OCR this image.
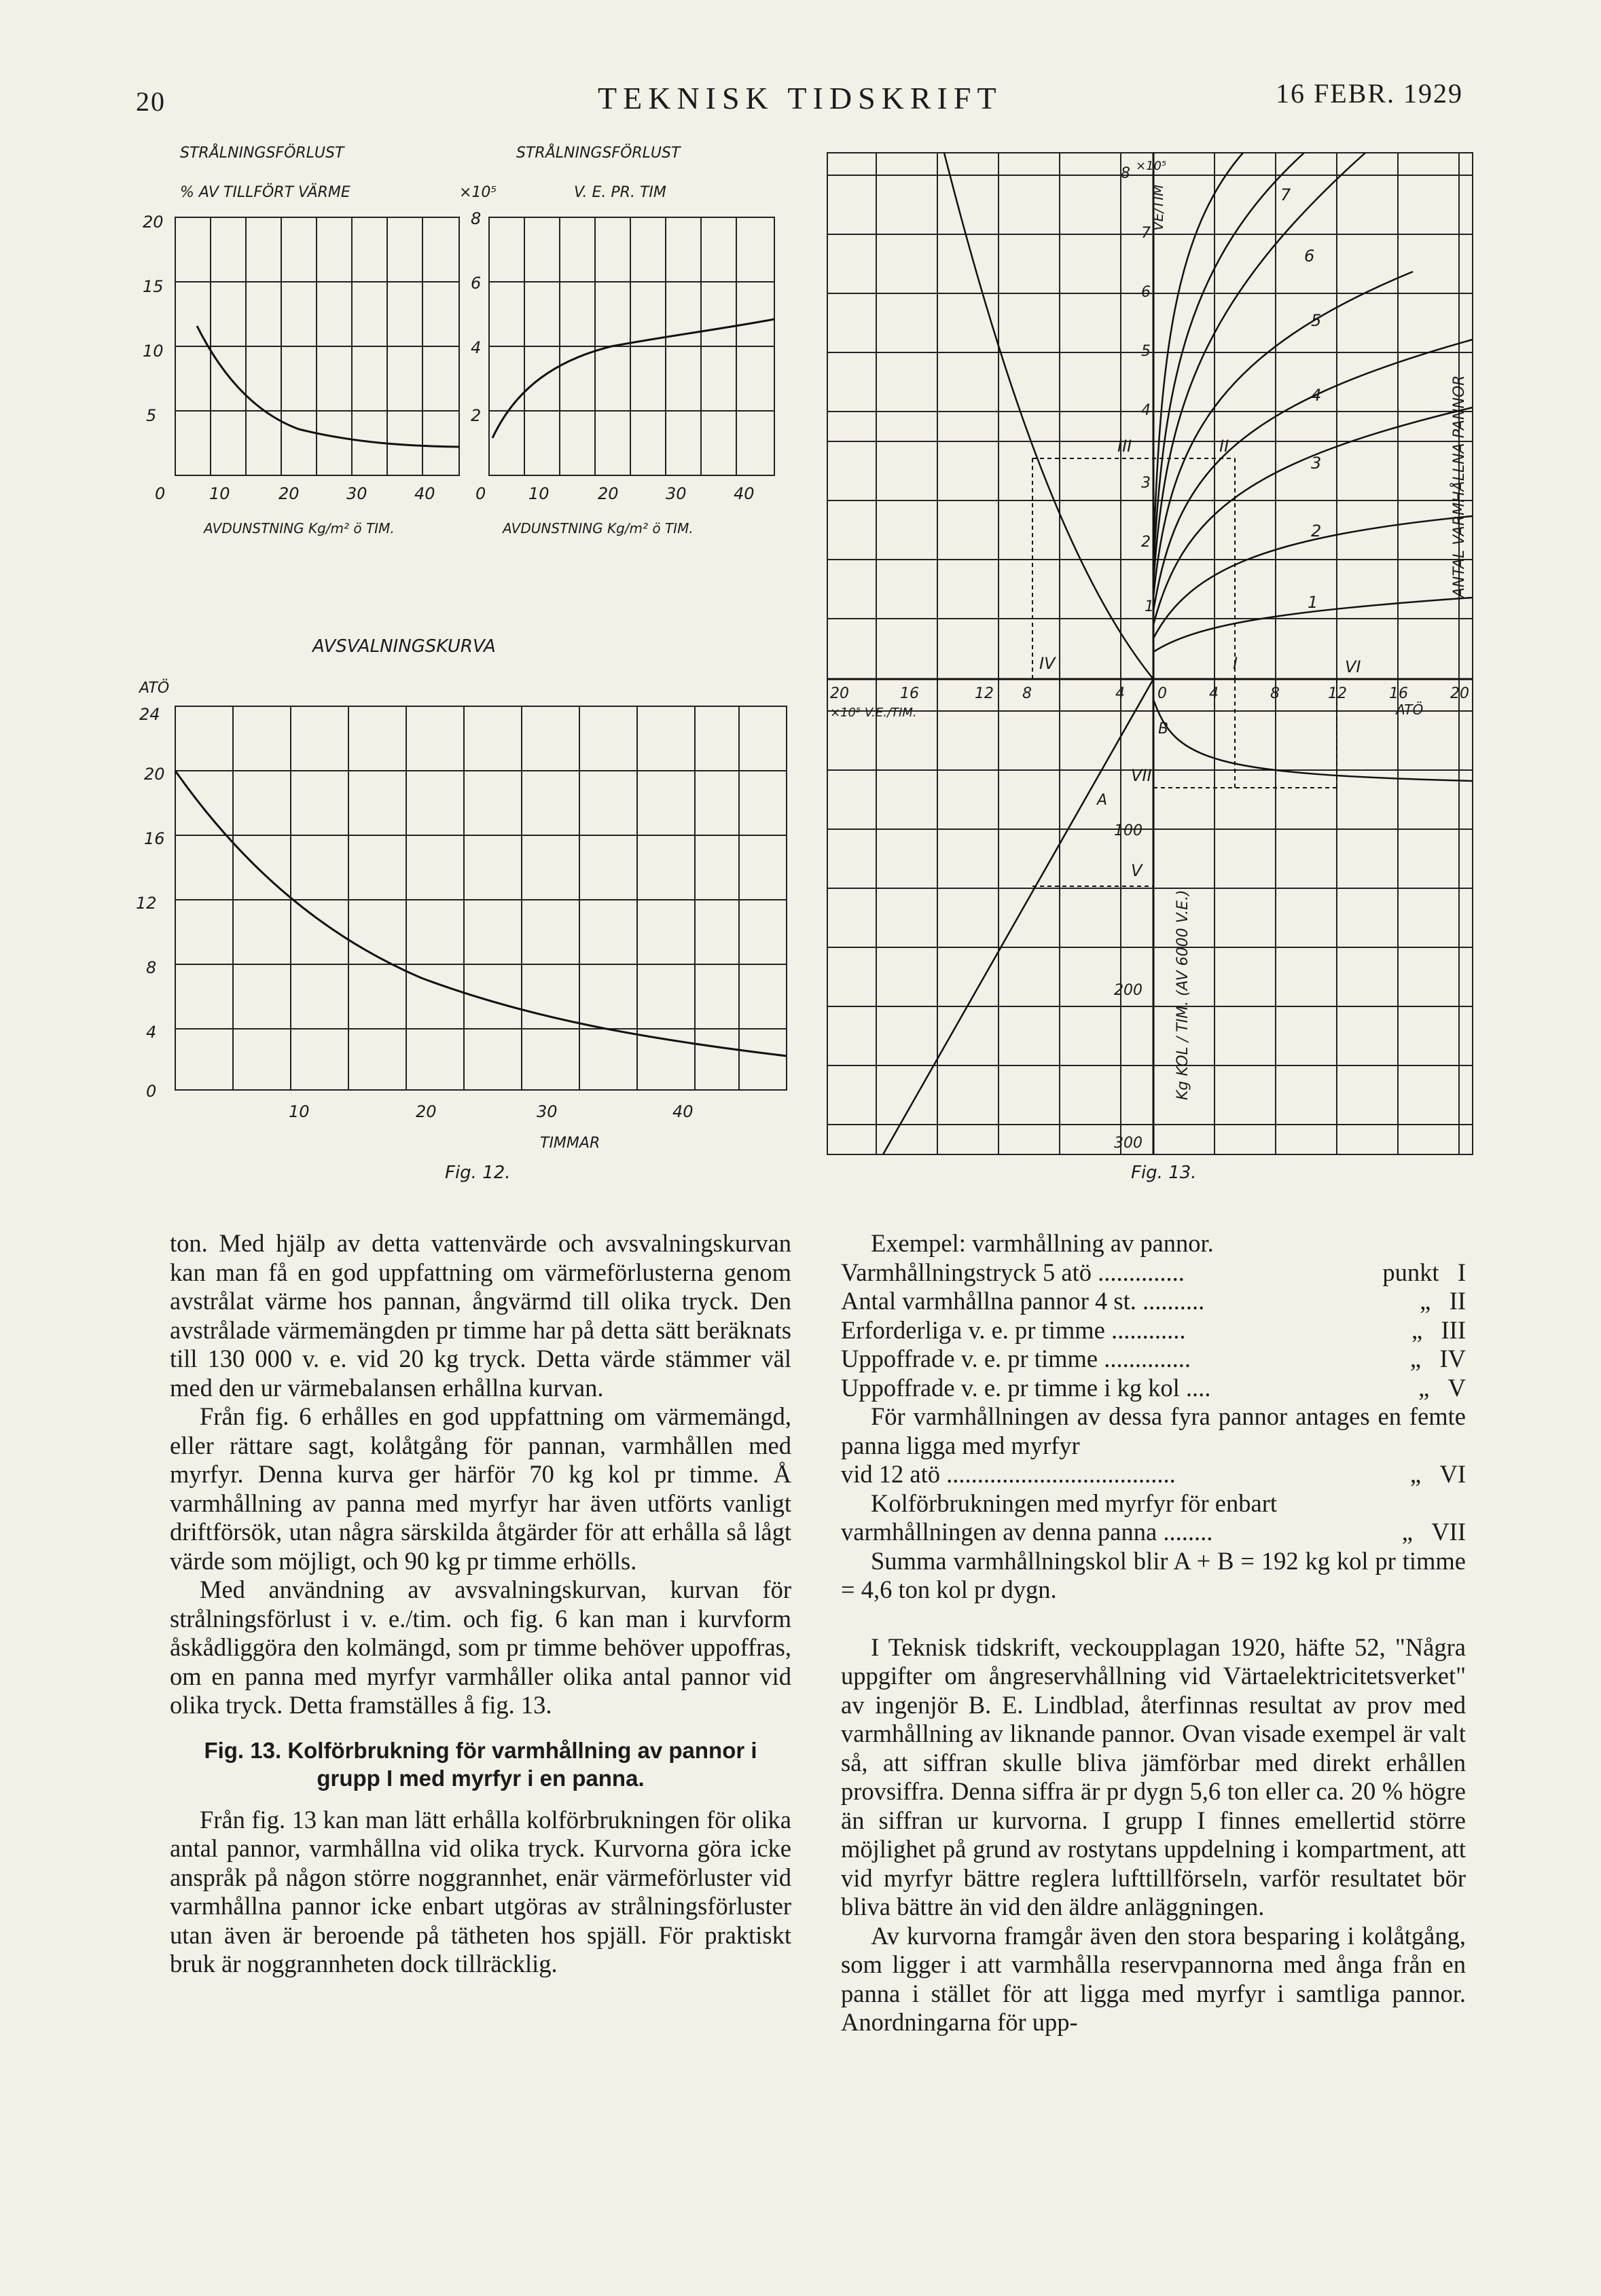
20	TEKNISK TIDSKRIFT	16 FEBR. 1929
STRÅLNINGSFÖRLUST
% AV TILLFÖRT VÄRME
20
15
10
5
0	10	20	30	40
AVDUNSTNING Kg/m² ö TIM.
STRÅLNINGSFÖRLUST
V. E. PR. TIM
×10⁵
8
6
4
2
0	10	20	30	40
AVDUNSTNING Kg/m² ö TIM.
AVSVALNINGSKURVA
ATÖ
24
20
16
12
8
4
0
10	20	30	40
TIMMAR
Fig. 12.
8 ×10⁵
7
6
5
4
3
2
1
VE/TIM
20	16	12 8	4
×10⁵ V.E./TIM.
0	4	8	12	16	20
ATÖ
100
200
300
Kg KOL / TIM. (AV 6000 V.E.)
ANTAL VARMHÅLLNA PANNOR
1
2
3
4
5
6
7
I
II
III
IV
V
VI
VII
A
B
Fig. 13.

ton. Med hjälp av detta vattenvärde och avsvalningskurvan kan man få en god uppfattning om värmeförlusterna genom avstrålat värme hos pannan, ångvärmd till olika tryck. Den avstrålade värmemängden pr timme har på detta sätt beräknats till 130 000 v. e. vid 20 kg tryck. Detta värde stämmer väl med den ur värmebalansen erhållna kurvan.

Från fig. 6 erhålles en god uppfattning om värmemängd, eller rättare sagt, kolåtgång för pannan, varmhållen med myrfyr. Denna kurva ger härför 70 kg kol pr timme. Å varmhållning av panna med myrfyr har även utförts vanligt driftförsök, utan några särskilda åtgärder för att erhålla så lågt värde som möjligt, och 90 kg pr timme erhölls.

Med användning av avsvalningskurvan, kurvan för strålningsförlust i v. e./tim. och fig. 6 kan man i kurvform åskådliggöra den kolmängd, som pr timme behöver uppoffras, om en panna med myrfyr varmhåller olika antal pannor vid olika tryck. Detta framställes å fig. 13.

Fig. 13. Kolförbrukning för varmhållning av pannor i grupp I med myrfyr i en panna.

Från fig. 13 kan man lätt erhålla kolförbrukningen för olika antal pannor, varmhållna vid olika tryck. Kurvorna göra icke anspråk på någon större noggrannhet, enär värmeförluster vid varmhållna pannor icke enbart utgöras av strålningsförluster utan även är beroende på tätheten hos spjäll. För praktiskt bruk är noggrannheten dock tillräcklig.

Exempel: varmhållning av pannor.

Varmhållningstryck 5 atö ..............	punkt I
Antal varmhållna pannor 4 st. ..........	„ II
Erforderliga v. e. pr timme ............	„ III
Uppoffrade v. e. pr timme ..............	„ IV
Uppoffrade v. e. pr timme i kg kol ....	„ V

För varmhållningen av dessa fyra pannor antages en femte panna ligga med myrfyr

vid 12 atö .....................................	„ VI

Kolförbrukningen med myrfyr för enbart

varmhållningen av denna panna ........	„ VII

Summa varmhållningskol blir A + B = 192 kg kol pr timme = 4,6 ton kol pr dygn.

I Teknisk tidskrift, veckoupplagan 1920, häfte 52, "Några uppgifter om ångreservhållning vid Värtaelektricitetsverket" av ingenjör B. E. Lindblad, återfinnas resultat av prov med varmhållning av liknande pannor. Ovan visade exempel är valt så, att siffran skulle bliva jämförbar med direkt erhållen provsiffra. Denna siffra är pr dygn 5,6 ton eller ca. 20 % högre än siffran ur kurvorna. I grupp I finnes emellertid större möjlighet på grund av rostytans uppdelning i kompartment, att vid myrfyr bättre reglera lufttillförseln, varför resultatet bör bliva bättre än vid den äldre anläggningen.

Av kurvorna framgår även den stora besparing i kolåtgång, som ligger i att varmhålla reservpannorna med ånga från en panna i stället för att ligga med myrfyr i samtliga pannor. Anordningarna för upp-
